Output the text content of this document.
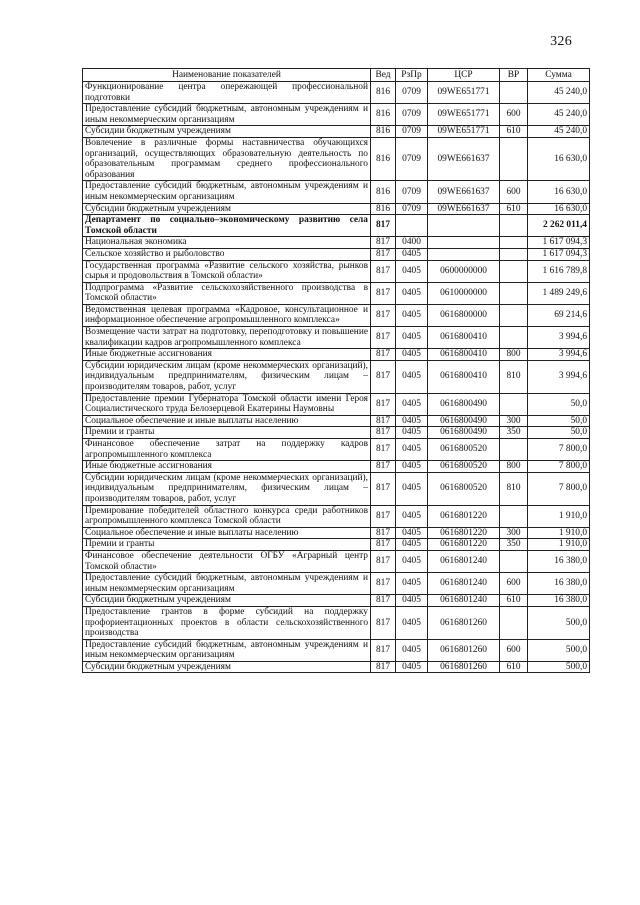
326
Наименование показателей	Вед	РзПр	ЦСР	ВР	Сумма
Функционирование центра опережающей профессиональной подготовки	816	0709	09WE651771		45 240,0
Предоставление субсидий бюджетным, автономным учреждениям и иным некоммерческим организациям	816	0709	09WE651771	600	45 240,0
Субсидии бюджетным учреждениям	816	0709	09WE651771	610	45 240,0
Вовлечение в различные формы наставничества обучающихся организаций, осуществляющих образовательную деятельность по образовательным программам среднего профессионального образования	816	0709	09WE661637		16 630,0
Предоставление субсидий бюджетным, автономным учреждениям и иным некоммерческим организациям	816	0709	09WE661637	600	16 630,0
Субсидии бюджетным учреждениям	816	0709	09WE661637	610	16 630,0
Департамент по социально–экономическому развитию села Томской области	817				2 262 011,4
Национальная экономика	817	0400			1 617 094,3
Сельское хозяйство и рыболовство	817	0405			1 617 094,3
Государственная программа «Развитие сельского хозяйства, рынков сырья и продовольствия в Томской области»	817	0405	0600000000		1 616 789,8
Подпрограмма «Развитие сельскохозяйственного производства в Томской области»	817	0405	0610000000		1 489 249,6
Ведомственная целевая программа «Кадровое, консультационное и информационное обеспечение агропромышленного комплекса»	817	0405	0616800000		69 214,6
Возмещение части затрат на подготовку, переподготовку и повышение квалификации кадров агропромышленного комплекса	817	0405	0616800410		3 994,6
Иные бюджетные ассигнования	817	0405	0616800410	800	3 994,6
Субсидии юридическим лицам (кроме некоммерческих организаций), индивидуальным предпринимателям, физическим лицам – производителям товаров, работ, услуг	817	0405	0616800410	810	3 994,6
Предоставление премии Губернатора Томской области имени Героя Социалистического труда Белозерцевой Екатерины Наумовны	817	0405	0616800490		50,0
Социальное обеспечение и иные выплаты населению	817	0405	0616800490	300	50,0
Премии и гранты	817	0405	0616800490	350	50,0
Финансовое обеспечение затрат на поддержку кадров агропромышленного комплекса	817	0405	0616800520		7 800,0
Иные бюджетные ассигнования	817	0405	0616800520	800	7 800,0
Субсидии юридическим лицам (кроме некоммерческих организаций), индивидуальным предпринимателям, физическим лицам – производителям товаров, работ, услуг	817	0405	0616800520	810	7 800,0
Премирование победителей областного конкурса среди работников агропромышленного комплекса Томской области	817	0405	0616801220		1 910,0
Социальное обеспечение и иные выплаты населению	817	0405	0616801220	300	1 910,0
Премии и гранты	817	0405	0616801220	350	1 910,0
Финансовое обеспечение деятельности ОГБУ «Аграрный центр Томской области»	817	0405	0616801240		16 380,0
Предоставление субсидий бюджетным, автономным учреждениям и иным некоммерческим организациям	817	0405	0616801240	600	16 380,0
Субсидии бюджетным учреждениям	817	0405	0616801240	610	16 380,0
Предоставление грантов в форме субсидий на поддержку профориентационных проектов в области сельскохозяйственного производства	817	0405	0616801260		500,0
Предоставление субсидий бюджетным, автономным учреждениям и иным некоммерческим организациям	817	0405	0616801260	600	500,0
Субсидии бюджетным учреждениям	817	0405	0616801260	610	500,0
